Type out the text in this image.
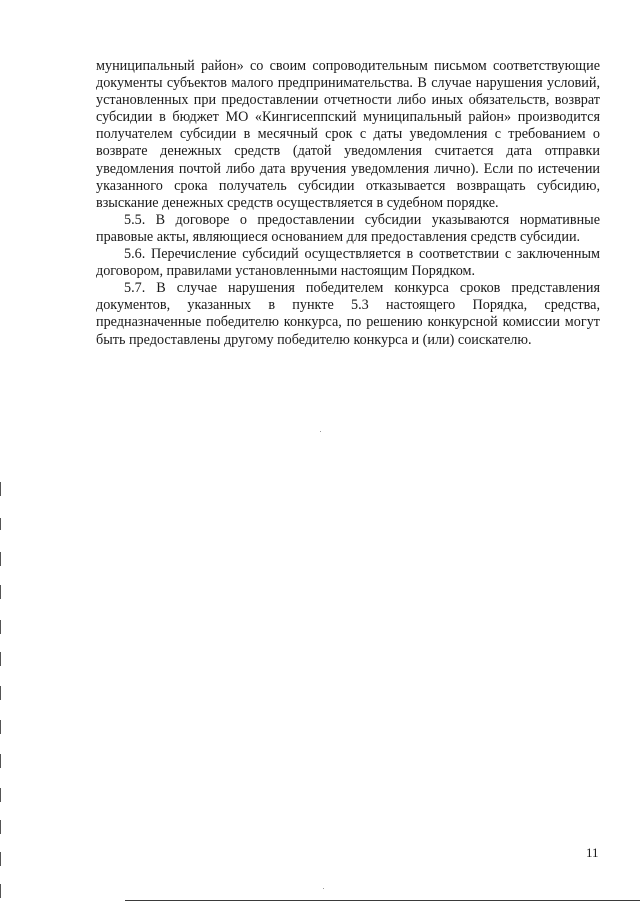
муниципальный район» со своим сопроводительным письмом соответствующие документы субъектов малого предпринимательства. В случае нарушения условий, установленных при предоставлении отчетности либо иных обязательств, возврат субсидии в бюджет МО «Кингисеппский муниципальный район» производится получателем субсидии в месячный срок с даты уведомления с требованием о возврате денежных средств (датой уведомления считается дата отправки уведомления почтой либо дата вручения уведомления лично). Если по истечении указанного срока получатель субсидии отказывается возвращать субсидию, взыскание денежных средств осуществляется в судебном порядке.

5.5. В договоре о предоставлении субсидии указываются нормативные правовые акты, являющиеся основанием для предоставления средств субсидии.

5.6. Перечисление субсидий осуществляется в соответствии с заключенным договором, правилами установленными настоящим Порядком.

5.7. В случае нарушения победителем конкурса сроков представления документов, указанных в пункте 5.3 настоящего Порядка, средства, предназначенные победителю конкурса, по решению конкурсной комиссии могут быть предоставлены другому победителю конкурса и (или) соискателю.

11
